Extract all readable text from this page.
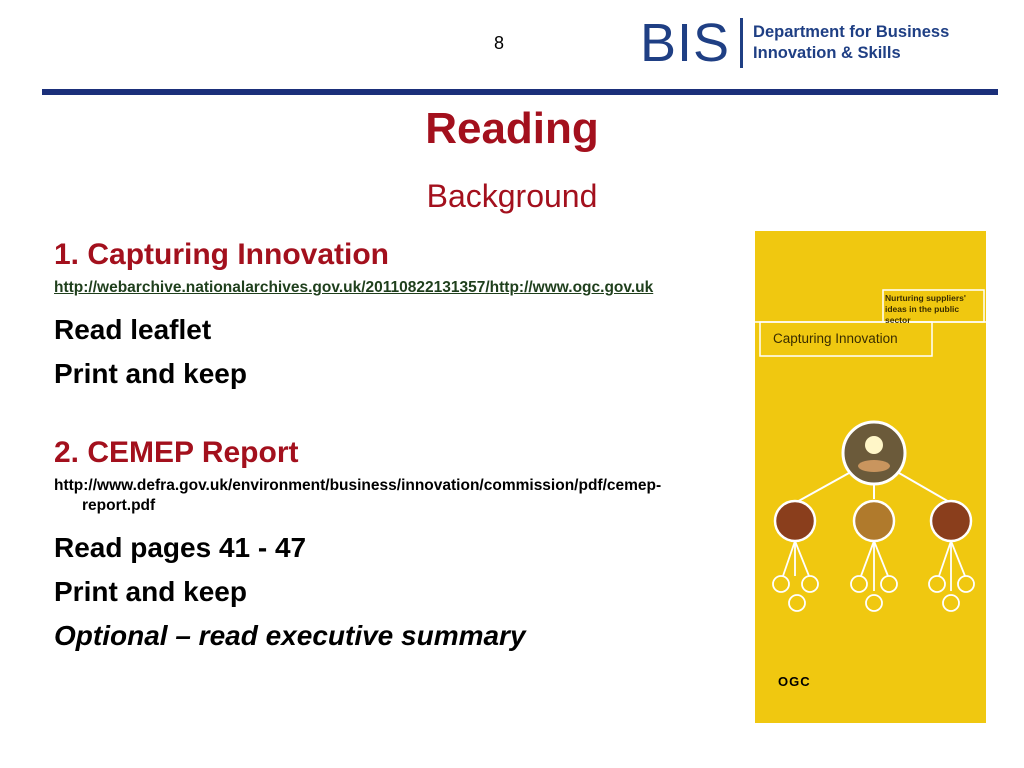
8	BIS Department for Business
Innovation & Skills
Reading
Background
1. Capturing Innovation
http://webarchive.nationalarchives.gov.uk/20110822131357/http://www.ogc.gov.uk
Read leaflet
Print and keep
2. CEMEP Report
http://www.defra.gov.uk/environment/business/innovation/commission/pdf/cemep-report.pdf
Read pages 41 - 47
Print and keep
Optional – read executive summary
Nurturing suppliers' ideas in the public sector
Capturing Innovation
OGC
